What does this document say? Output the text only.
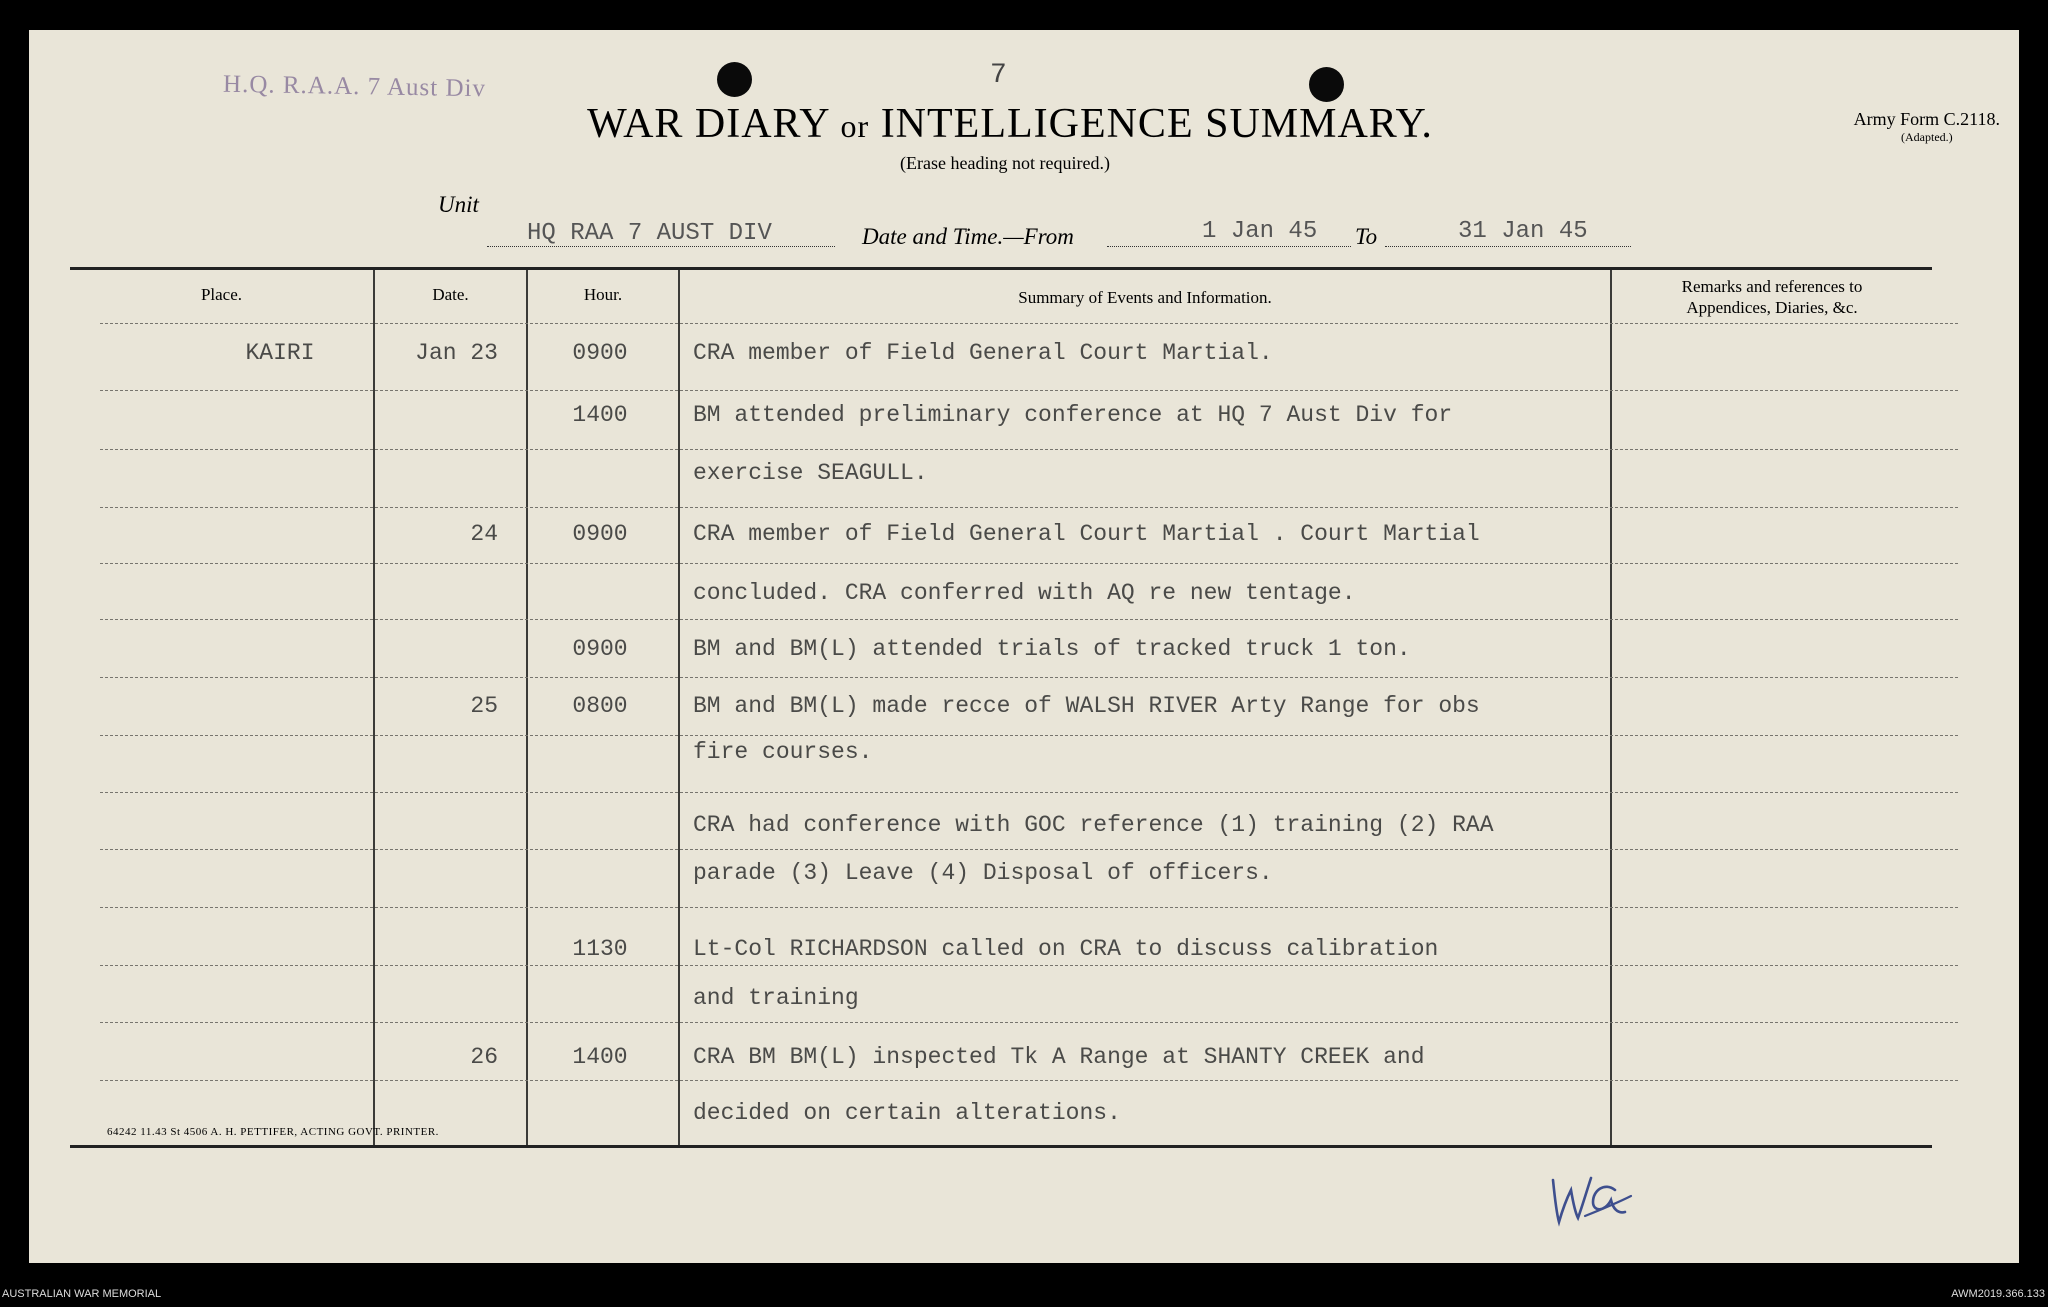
H.Q. R.A.A. 7 Aust Div	7
WAR DIARY or INTELLIGENCE SUMMARY.
(Erase heading not required.)
Army Form C.2118.
(Adapted.)
Unit
HQ RAA 7 AUST DIV	Date and Time.—From	1 Jan 45 To	31 Jan 45
Place.	Date.	Hour.	Summary of Events and Information.
Remarks and references to
Appendices, Diaries, &c.
KAIRI	Jan 23	0900	CRA member of Field General Court Martial.
1400	BM attended preliminary conference at HQ 7 Aust Div for
exercise SEAGULL.
24	0900	CRA member of Field General Court Martial . Court Martial
concluded. CRA conferred with AQ re new tentage.
0900	BM and BM(L) attended trials of tracked truck 1 ton.
25	0800	BM and BM(L) made recce of WALSH RIVER Arty Range for obs
fire courses.
CRA had conference with GOC reference (1) training (2) RAA
parade (3) Leave (4) Disposal of officers.
1130	Lt-Col RICHARDSON called on CRA to discuss calibration
and training
26	1400	CRA BM BM(L) inspected Tk A Range at SHANTY CREEK and
decided on certain alterations.
64242 11.43 St 4506 A. H. PETTIFER, ACTING GOVT. PRINTER.
AUSTRALIAN WAR MEMORIAL	AWM2019.366.133
